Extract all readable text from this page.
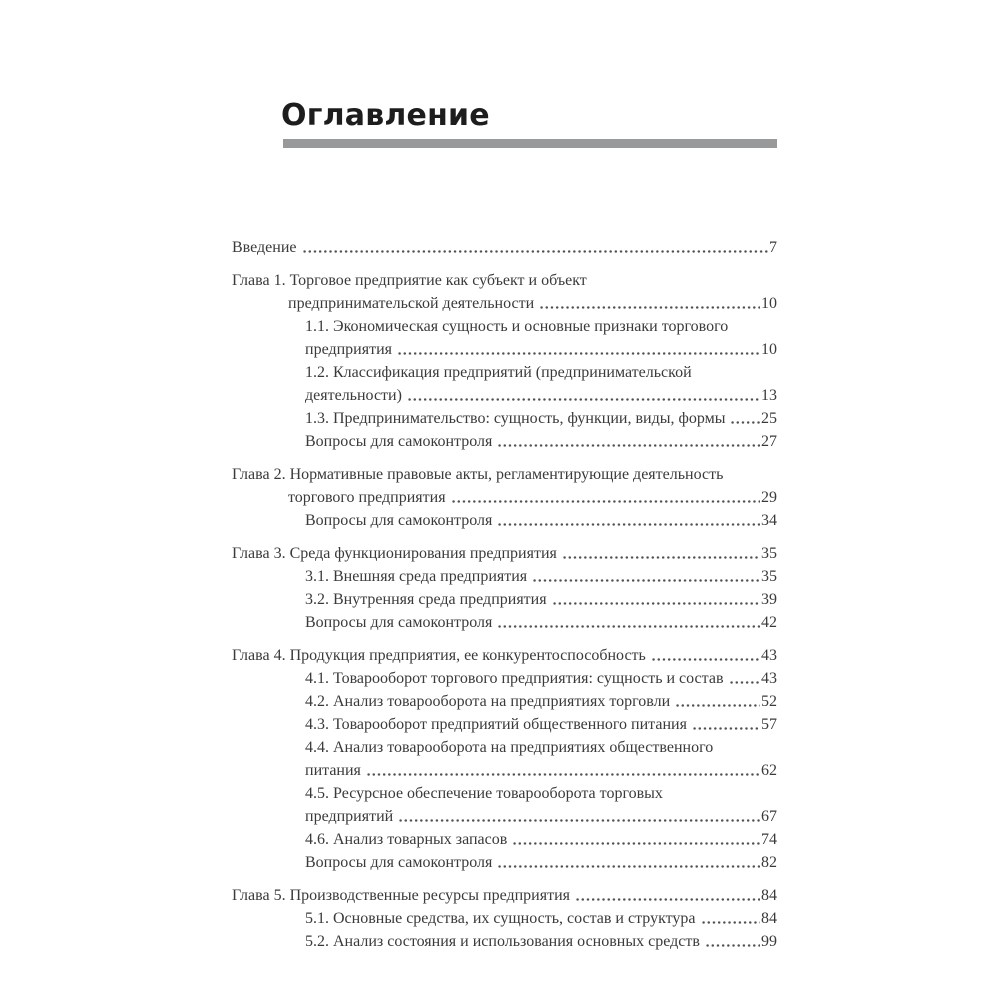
Оглавление
Введение	7
Глава 1. Торговое предприятие как субъект и объект
предпринимательской деятельности	10
1.1. Экономическая сущность и основные признаки торгового
предприятия	10
1.2. Классификация предприятий (предпринимательской
деятельности)	13
1.3. Предпринимательство: сущность, функции, виды, формы 25
Вопросы для самоконтроля	27
Глава 2. Нормативные правовые акты, регламентирующие деятельность
торгового предприятия	29
Вопросы для самоконтроля	34
Глава 3. Среда функционирования предприятия	35
3.1. Внешняя среда предприятия	35
3.2. Внутренняя среда предприятия	39
Вопросы для самоконтроля	42
Глава 4. Продукция предприятия, ее конкурентоспособность	43
4.1. Товарооборот торгового предприятия: сущность и состав 43
4.2. Анализ товарооборота на предприятиях торговли	52
4.3. Товарооборот предприятий общественного питания	57
4.4. Анализ товарооборота на предприятиях общественного
питания	62
4.5. Ресурсное обеспечение товарооборота торговых
предприятий	67
4.6. Анализ товарных запасов	74
Вопросы для самоконтроля	82
Глава 5. Производственные ресурсы предприятия	84
5.1. Основные средства, их сущность, состав и структура	84
5.2. Анализ состояния и использования основных средств	99
